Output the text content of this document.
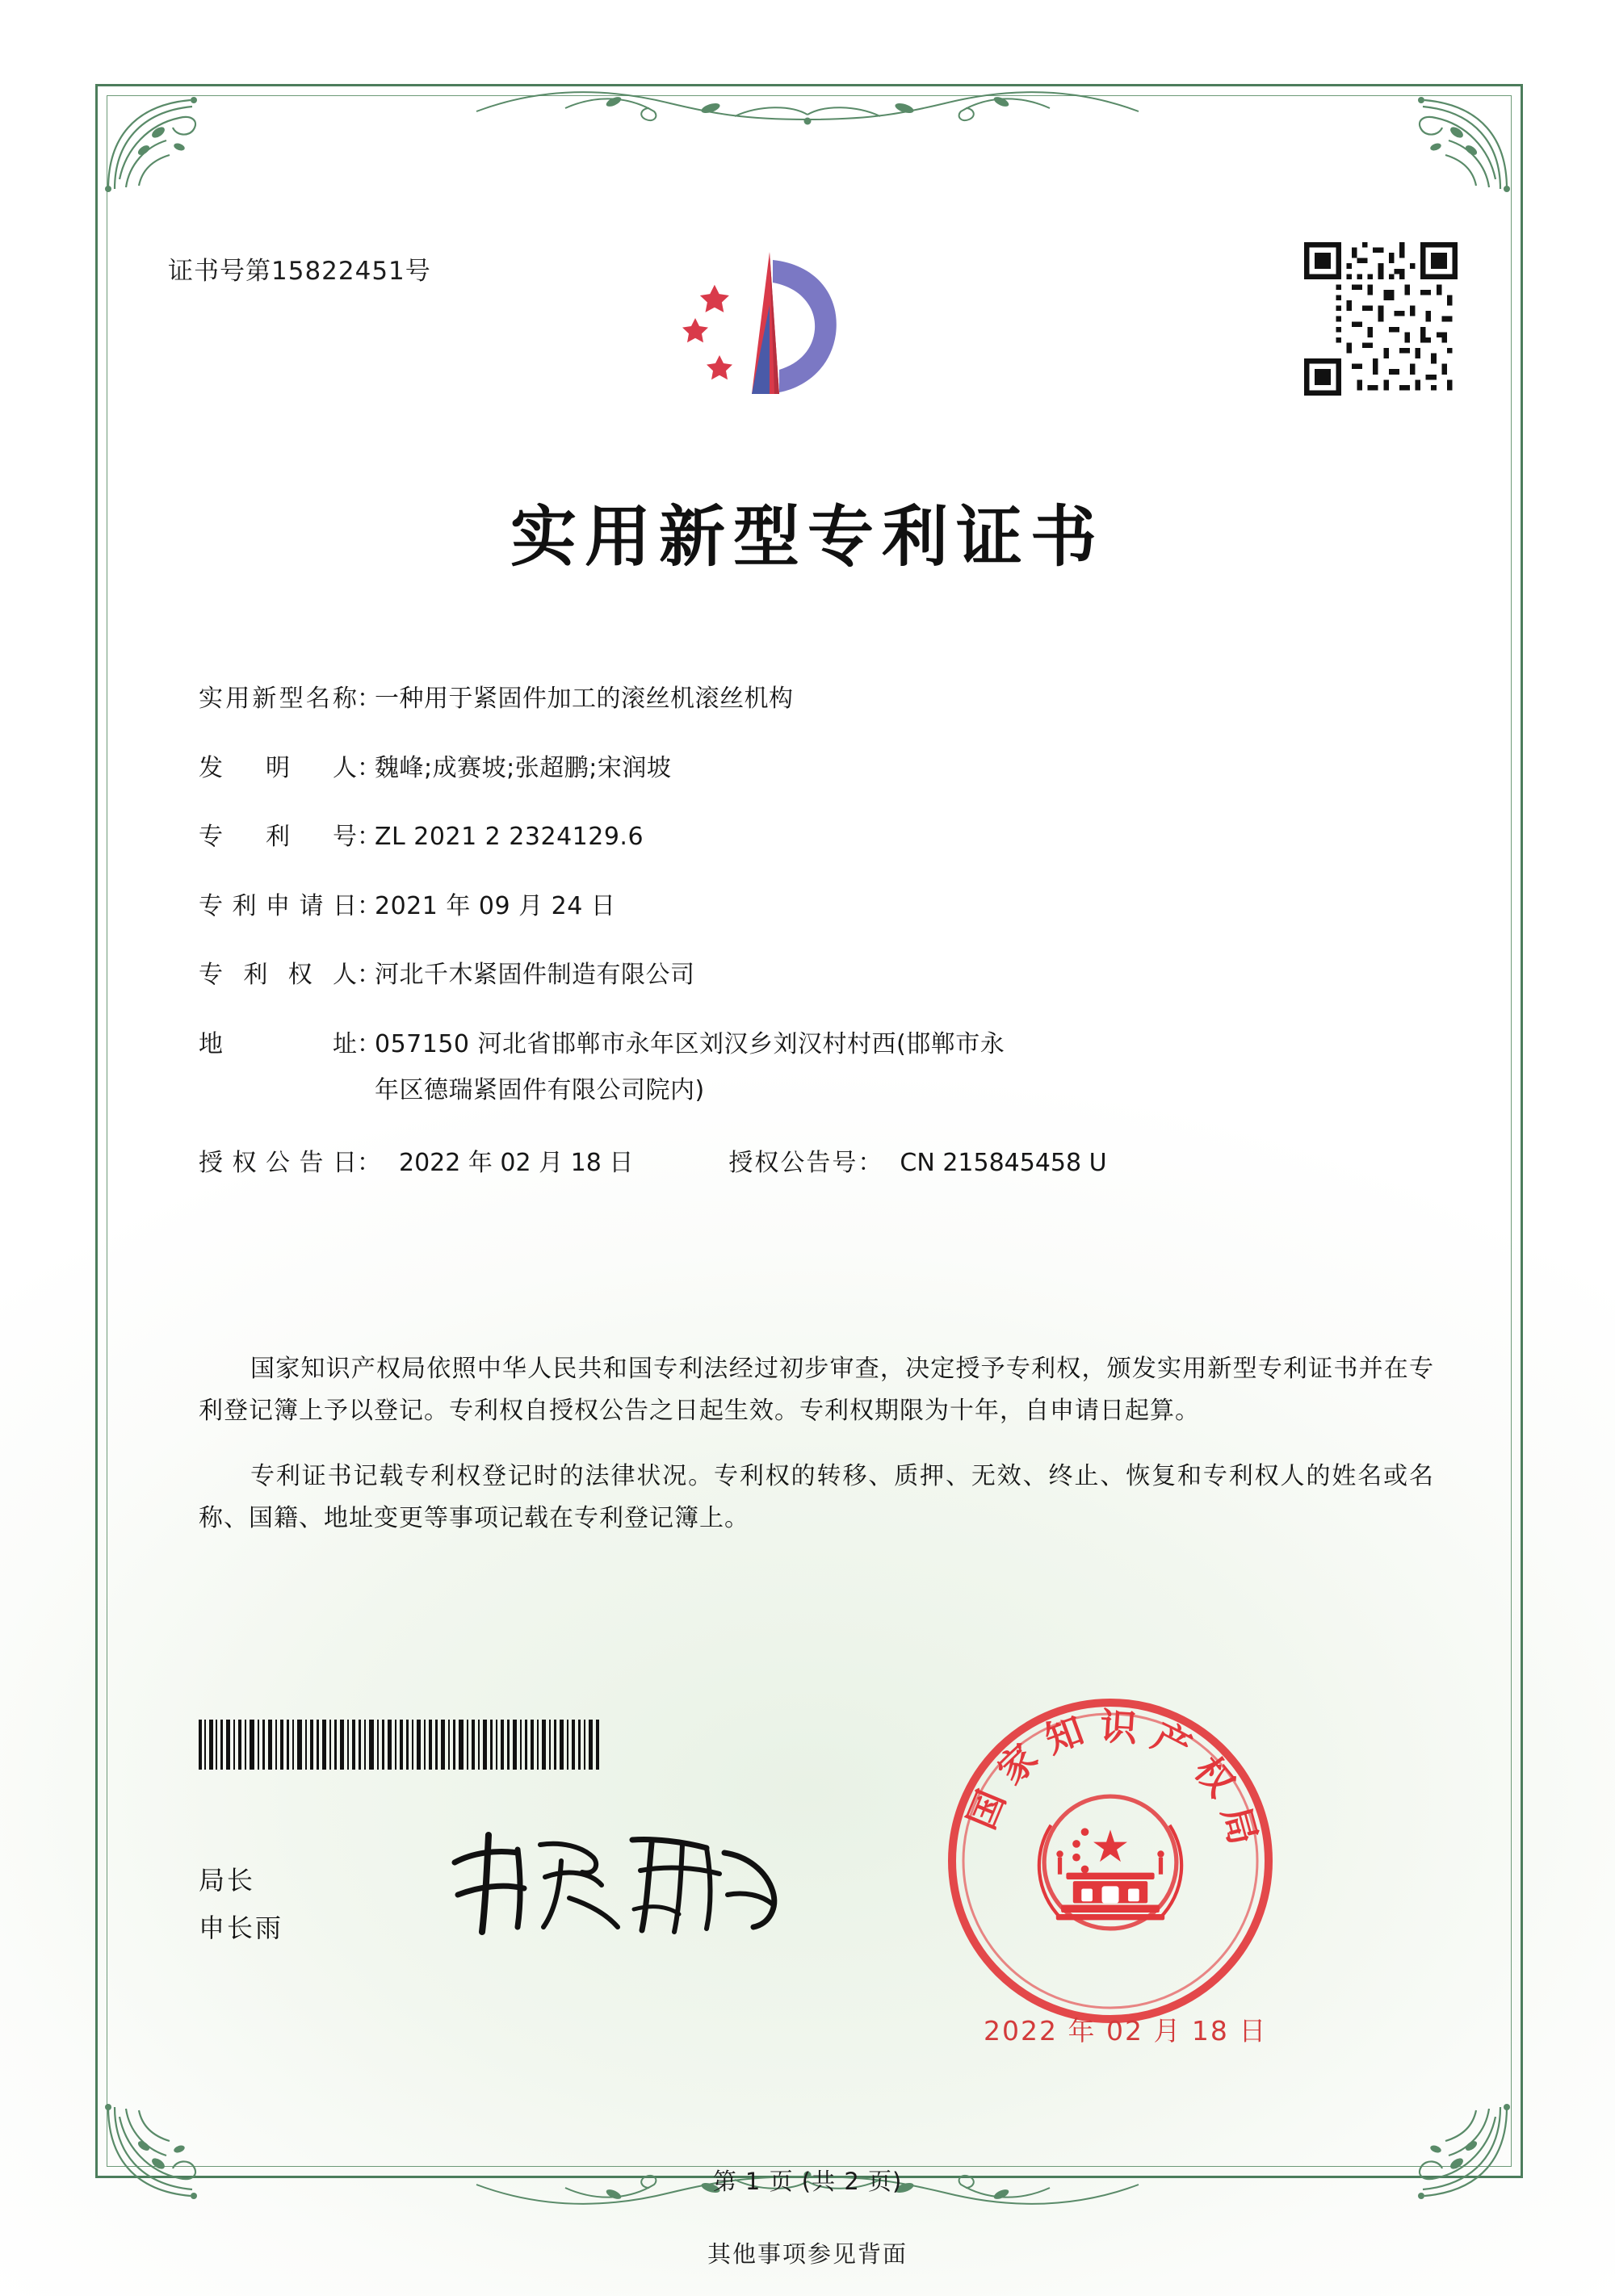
证书号第15822451号
实用新型专利证书
实 用 新 型 名 称 ：
一种用于紧固件加工的滚丝机滚丝机构
发 明 人 ：
魏峰;成赛坡;张超鹏;宋润坡
专 利 号 ：
ZL 2021 2 2324129.6
专 利 申 请 日 ：
2021 年 09 月 24 日
专 利 权 人 ：
河北千木紧固件制造有限公司
地	址 ：
057150 河北省邯郸市永年区刘汉乡刘汉村村西(邯郸市永
年区德瑞紧固件有限公司院内)
授 权 公 告 日 ： 2022 年 02 月 18 日	授权公告号 ： CN 215845458 U

国家知识产权局依照中华人民共和国专利法经过初步审查，决定授予专利权，颁发实用新型专利证书并在专利登记簿上予以登记。专利权自授权公告之日起生效。专利权期限为十年，自申请日起算。

专利证书记载专利权登记时的法律状况。专利权的转移、质押、无效、终止、恢复和专利权人的姓名或名称、国籍、地址变更等事项记载在专利登记簿上。

局长
申长雨
国 家 知 识 产 权 局
2022 年 02 月 18 日
第 1 页 (共 2 页)
其他事项参见背面
